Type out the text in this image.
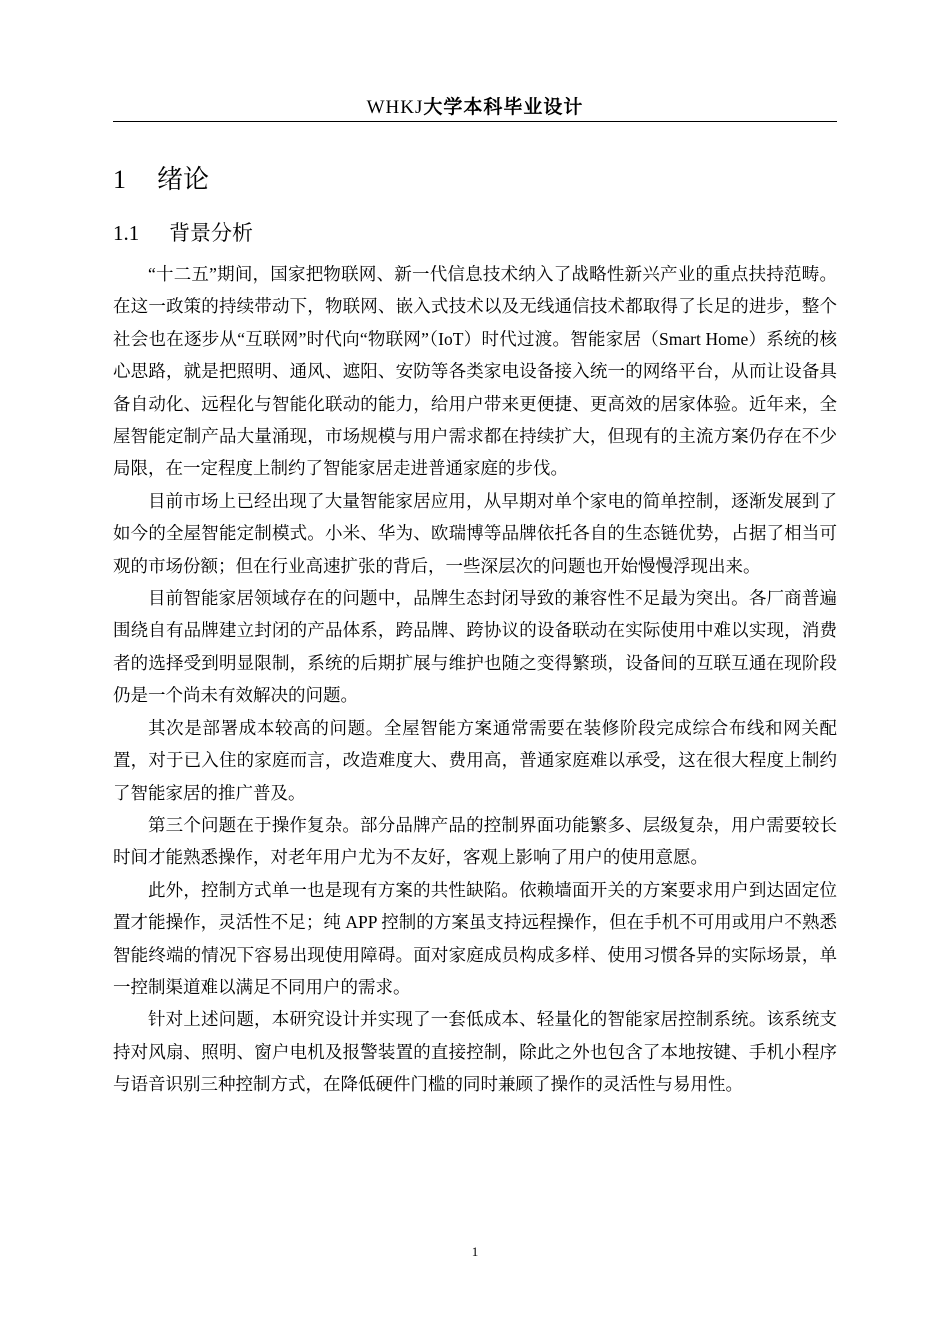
WHKJ大学本科毕业设计
1 绪论
1.1 背景分析

“十二五”期间，国家把物联网、新一代信息技术纳入了战略性新兴产业的重点扶持范畴。在这一政策的持续带动下，物联网、嵌入式技术以及无线通信技术都取得了长足的进步，整个社会也在逐步从“互联网”时代向“物联网”（IoT）时代过渡。智能家居（Smart Home）系统的核心思路，就是把照明、通风、遮阳、安防等各类家电设备接入统一的网络平台，从而让设备具备自动化、远程化与智能化联动的能力，给用户带来更便捷、更高效的居家体验。近年来，全屋智能定制产品大量涌现，市场规模与用户需求都在持续扩大，但现有的主流方案仍存在不少局限，在一定程度上制约了智能家居走进普通家庭的步伐。

目前市场上已经出现了大量智能家居应用，从早期对单个家电的简单控制，逐渐发展到了如今的全屋智能定制模式。小米、华为、欧瑞博等品牌依托各自的生态链优势，占据了相当可观的市场份额；但在行业高速扩张的背后，一些深层次的问题也开始慢慢浮现出来。

目前智能家居领域存在的问题中，品牌生态封闭导致的兼容性不足最为突出。各厂商普遍围绕自有品牌建立封闭的产品体系，跨品牌、跨协议的设备联动在实际使用中难以实现，消费者的选择受到明显限制，系统的后期扩展与维护也随之变得繁琐，设备间的互联互通在现阶段仍是一个尚未有效解决的问题。

其次是部署成本较高的问题。全屋智能方案通常需要在装修阶段完成综合布线和网关配置，对于已入住的家庭而言，改造难度大、费用高，普通家庭难以承受，这在很大程度上制约了智能家居的推广普及。

第三个问题在于操作复杂。部分品牌产品的控制界面功能繁多、层级复杂，用户需要较长时间才能熟悉操作，对老年用户尤为不友好，客观上影响了用户的使用意愿。

此外，控制方式单一也是现有方案的共性缺陷。依赖墙面开关的方案要求用户到达固定位置才能操作，灵活性不足；纯 APP 控制的方案虽支持远程操作，但在手机不可用或用户不熟悉智能终端的情况下容易出现使用障碍。面对家庭成员构成多样、使用习惯各异的实际场景，单一控制渠道难以满足不同用户的需求。

针对上述问题，本研究设计并实现了一套低成本、轻量化的智能家居控制系统。该系统支持对风扇、照明、窗户电机及报警装置的直接控制，除此之外也包含了本地按键、手机小程序与语音识别三种控制方式，在降低硬件门槛的同时兼顾了操作的灵活性与易用性。

1
